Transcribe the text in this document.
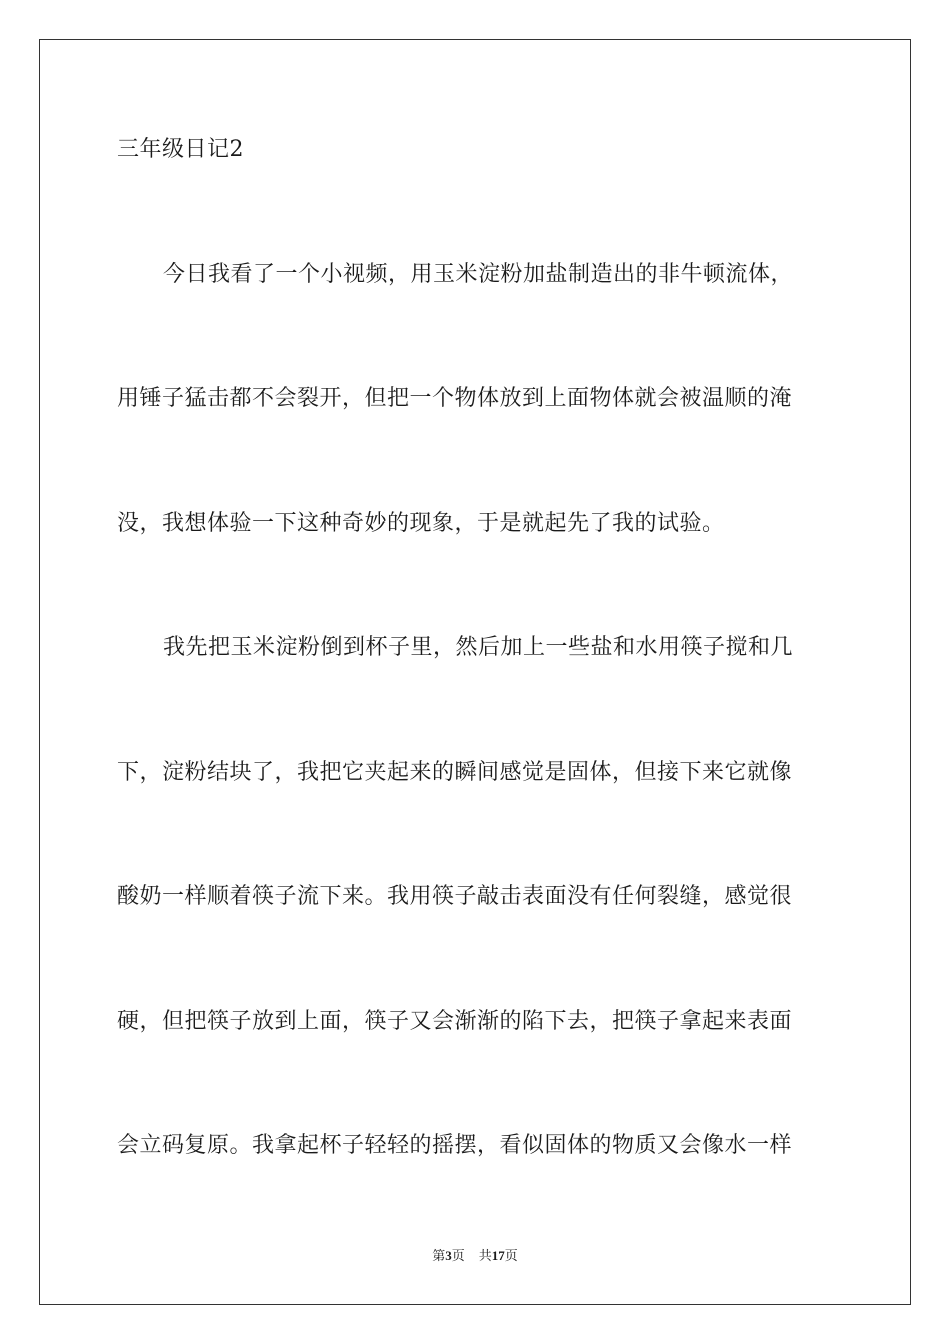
三年级日记2
今日我看了一个小视频，用玉米淀粉加盐制造出的非牛顿流体，
用锤子猛击都不会裂开，但把一个物体放到上面物体就会被温顺的淹
没，我想体验一下这种奇妙的现象，于是就起先了我的试验。
我先把玉米淀粉倒到杯子里，然后加上一些盐和水用筷子搅和几
下，淀粉结块了，我把它夹起来的瞬间感觉是固体，但接下来它就像
酸奶一样顺着筷子流下来。我用筷子敲击表面没有任何裂缝，感觉很
硬，但把筷子放到上面，筷子又会渐渐的陷下去，把筷子拿起来表面
会立码复原。我拿起杯子轻轻的摇摆，看似固体的物质又会像水一样
第3页 共17页
